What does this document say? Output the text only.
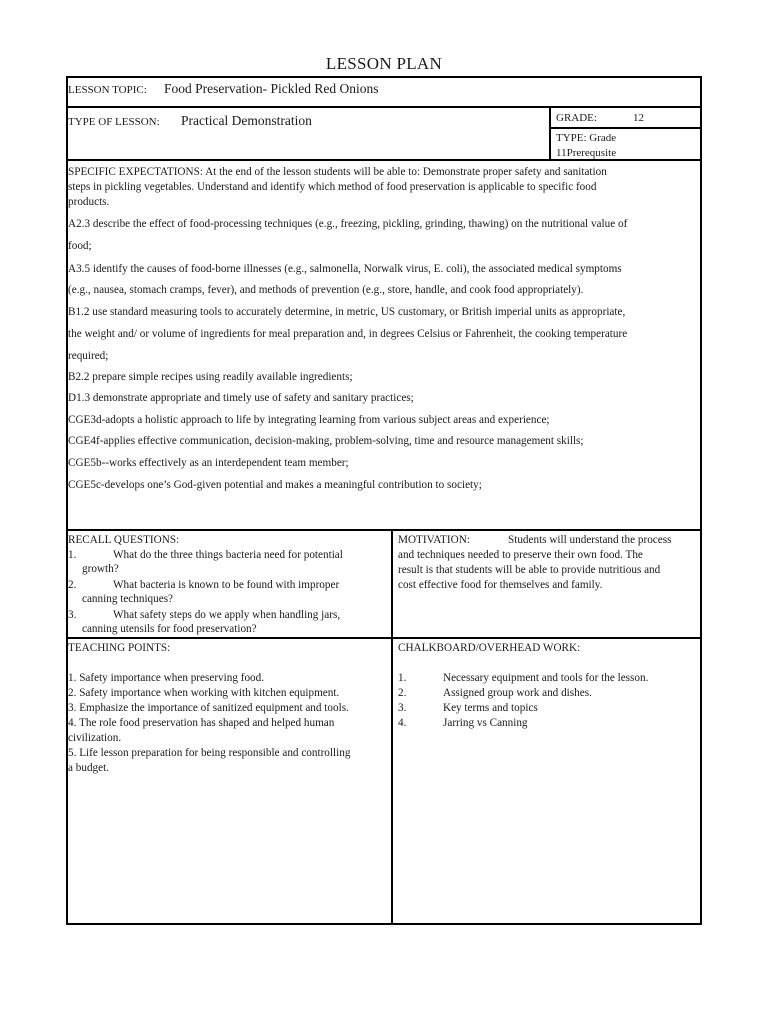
LESSON PLAN
LESSON TOPIC: Food Preservation- Pickled Red Onions
TYPE OF LESSON: Practical Demonstration	GRADE:	12
TYPE: Grade
11Prerequsite
SPECIFIC EXPECTATIONS: At the end of the lesson students will be able to: Demonstrate proper safety and sanitation
steps in pickling vegetables. Understand and identify which method of food preservation is applicable to specific food
products.
A2.3 describe the effect of food-processing techniques (e.g., freezing, pickling, grinding, thawing) on the nutritional value of
food;
A3.5 identify the causes of food-borne illnesses (e.g., salmonella, Norwalk virus, E. coli), the associated medical symptoms
(e.g., nausea, stomach cramps, fever), and methods of prevention (e.g., store, handle, and cook food appropriately).
B1.2 use standard measuring tools to accurately determine, in metric, US customary, or British imperial units as appropriate,
the weight and/ or volume of ingredients for meal preparation and, in degrees Celsius or Fahrenheit, the cooking temperature
required;
B2.2 prepare simple recipes using readily available ingredients;
D1.3 demonstrate appropriate and timely use of safety and sanitary practices;
CGE3d-adopts a holistic approach to life by integrating learning from various subject areas and experience;
CGE4f-applies effective communication, decision-making, problem-solving, time and resource management skills;
CGE5b--works effectively as an interdependent team member;
CGE5c-develops one’s God-given potential and makes a meaningful contribution to society;
RECALL QUESTIONS:
1.	What do the three things bacteria need for potential
growth?
2.	What bacteria is known to be found with improper
canning techniques?
3.	What safety steps do we apply when handling jars,
canning utensils for food preservation?
MOTIVATION:	Students will understand the process
and techniques needed to preserve their own food. The
result is that students will be able to provide nutritious and
cost effective food for themselves and family.
TEACHING POINTS:
1. Safety importance when preserving food.
2. Safety importance when working with kitchen equipment.
3. Emphasize the importance of sanitized equipment and tools.
4. The role food preservation has shaped and helped human
civilization.
5. Life lesson preparation for being responsible and controlling
a budget.
CHALKBOARD/OVERHEAD WORK:
1.	Necessary equipment and tools for the lesson.
2.	Assigned group work and dishes.
3.	Key terms and topics
4.	Jarring vs Canning
